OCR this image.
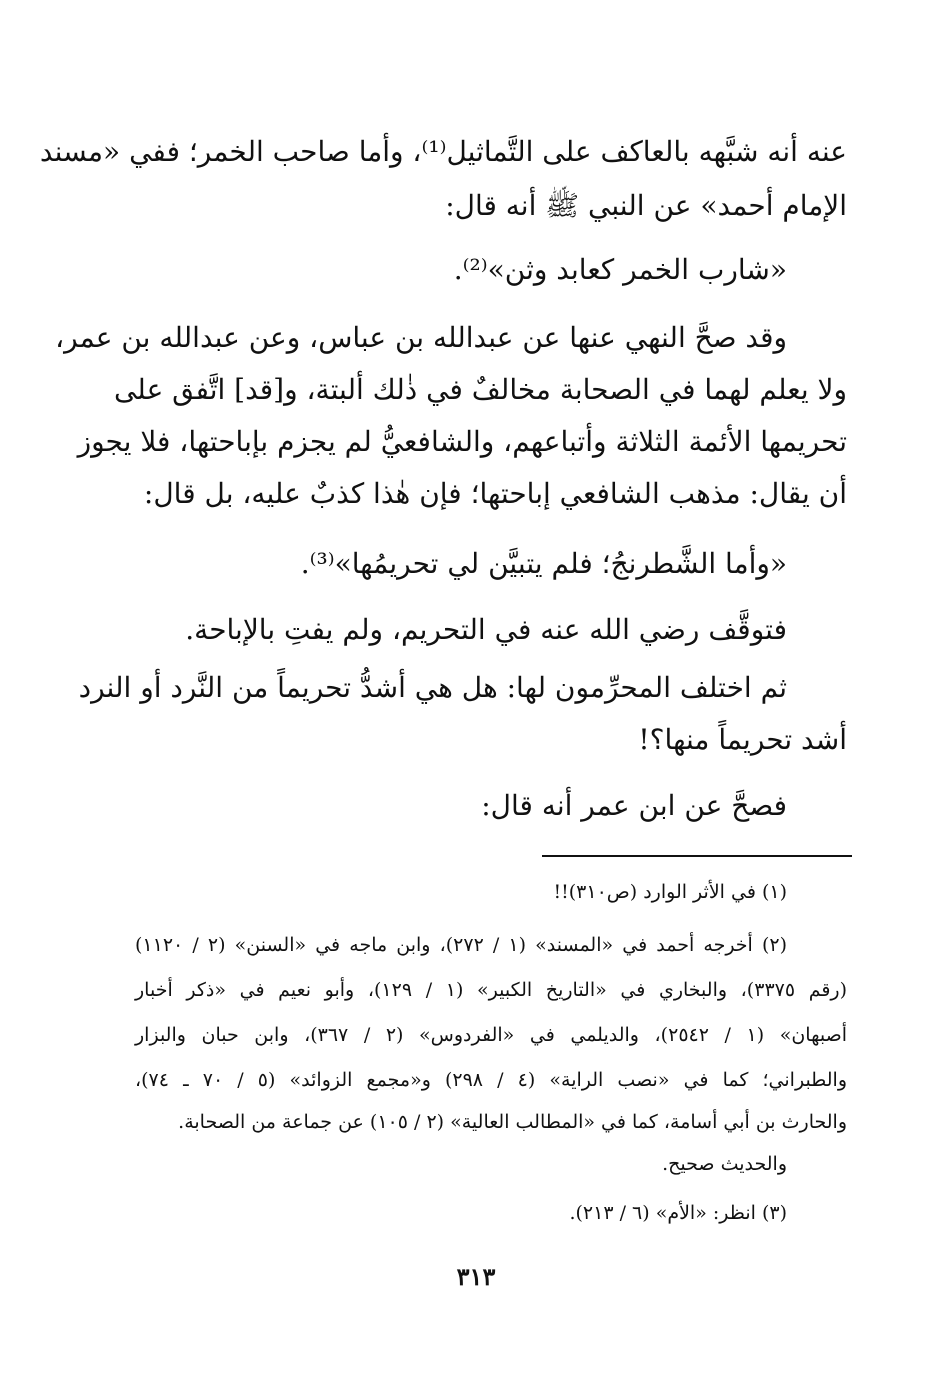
عنه أنه شبَّهه بالعاكف على التَّماثيل⁽¹⁾، وأما صاحب الخمر؛ ففي «مسند
الإمام أحمد» عن النبي ﷺ أنه قال:
«شارب الخمر كعابد وثن»⁽²⁾.
وقد صحَّ النهي عنها عن عبدالله بن عباس، وعن عبدالله بن عمر،
ولا يعلم لهما في الصحابة مخالفٌ في ذٰلك ألبتة، و[قد] اتَّفق على
تحريمها الأئمة الثلاثة وأتباعهم، والشافعيُّ لم يجزم بإباحتها، فلا يجوز
أن يقال: مذهب الشافعي إباحتها؛ فإن هٰذا كذبٌ عليه، بل قال:
«وأما الشَّطرنجُ؛ فلم يتبيَّن لي تحريمُها»⁽³⁾.
فتوقَّف رضي الله عنه في التحريم، ولم يفتِ بالإباحة.
ثم اختلف المحرِّمون لها: هل هي أشدُّ تحريماً من النَّرد أو النرد
أشد تحريماً منها؟!
فصحَّ عن ابن عمر أنه قال:
(١) في الأثر الوارد (ص٣١٠)!!
(٢) أخرجه أحمد في «المسند» (١ / ٢٧٢)، وابن ماجه في «السنن» (٢ / ١١٢٠)
(رقم ٣٣٧٥)، والبخاري في «التاريخ الكبير» (١ / ١٢٩)، وأبو نعيم في «ذكر أخبار
أصبهان» (١ / ٢٥٤٢)، والديلمي في «الفردوس» (٢ / ٣٦٧)، وابن حبان والبزار
والطبراني؛ كما في «نصب الراية» (٤ / ٢٩٨) و«مجمع الزوائد» (٥ / ٧٠ ـ ٧٤)،
والحارث بن أبي أسامة، كما في «المطالب العالية» (٢ / ١٠٥) عن جماعة من الصحابة.
والحديث صحيح.
(٣) انظر: «الأم» (٦ / ٢١٣).
٣١٣
